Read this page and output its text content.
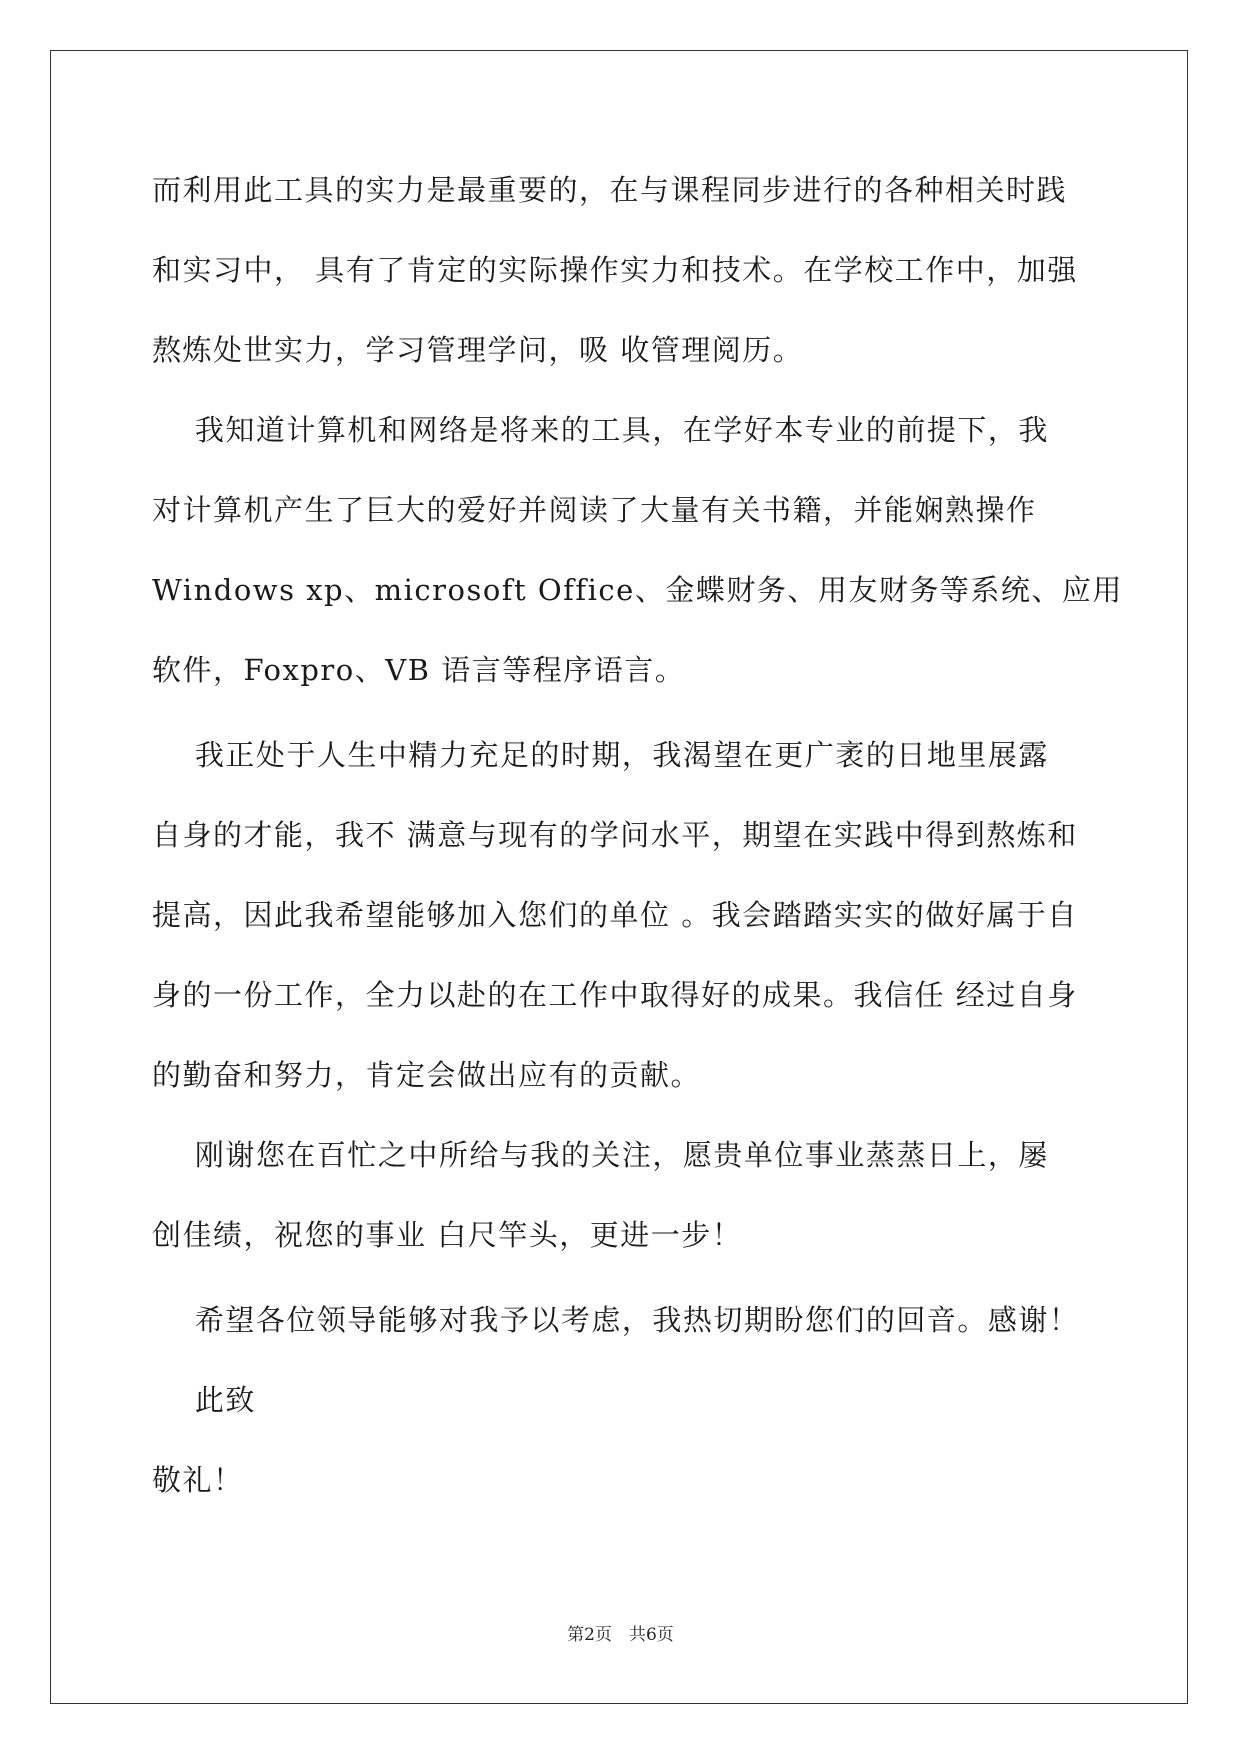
而利用此工具的实力是最重要的，在与课程同步进行的各种相关时践
和实习中， 具有了肯定的实际操作实力和技术。在学校工作中，加强
熬炼处世实力，学习管理学问，吸 收管理阅历。
我知道计算机和网络是将来的工具，在学好本专业的前提下，我
对计算机产生了巨大的爱好并阅读了大量有关书籍，并能娴熟操作
Windows xp、microsoft Office、金蝶财务、用友财务等系统、应用
软件，Foxpro、VB 语言等程序语言。
我正处于人生中精力充足的时期，我渴望在更广袤的日地里展露
自身的才能，我不 满意与现有的学问水平，期望在实践中得到熬炼和
提高，因此我希望能够加入您们的单位 。我会踏踏实实的做好属于自
身的一份工作，全力以赴的在工作中取得好的成果。我信任 经过自身
的勤奋和努力，肯定会做出应有的贡献。
刚谢您在百忙之中所给与我的关注，愿贵单位事业蒸蒸日上，屡
创佳绩，祝您的事业 白尺竿头，更进一步！
希望各位领导能够对我予以考虑，我热切期盼您们的回音。感谢！
此致
敬礼！
第2页　共6页
